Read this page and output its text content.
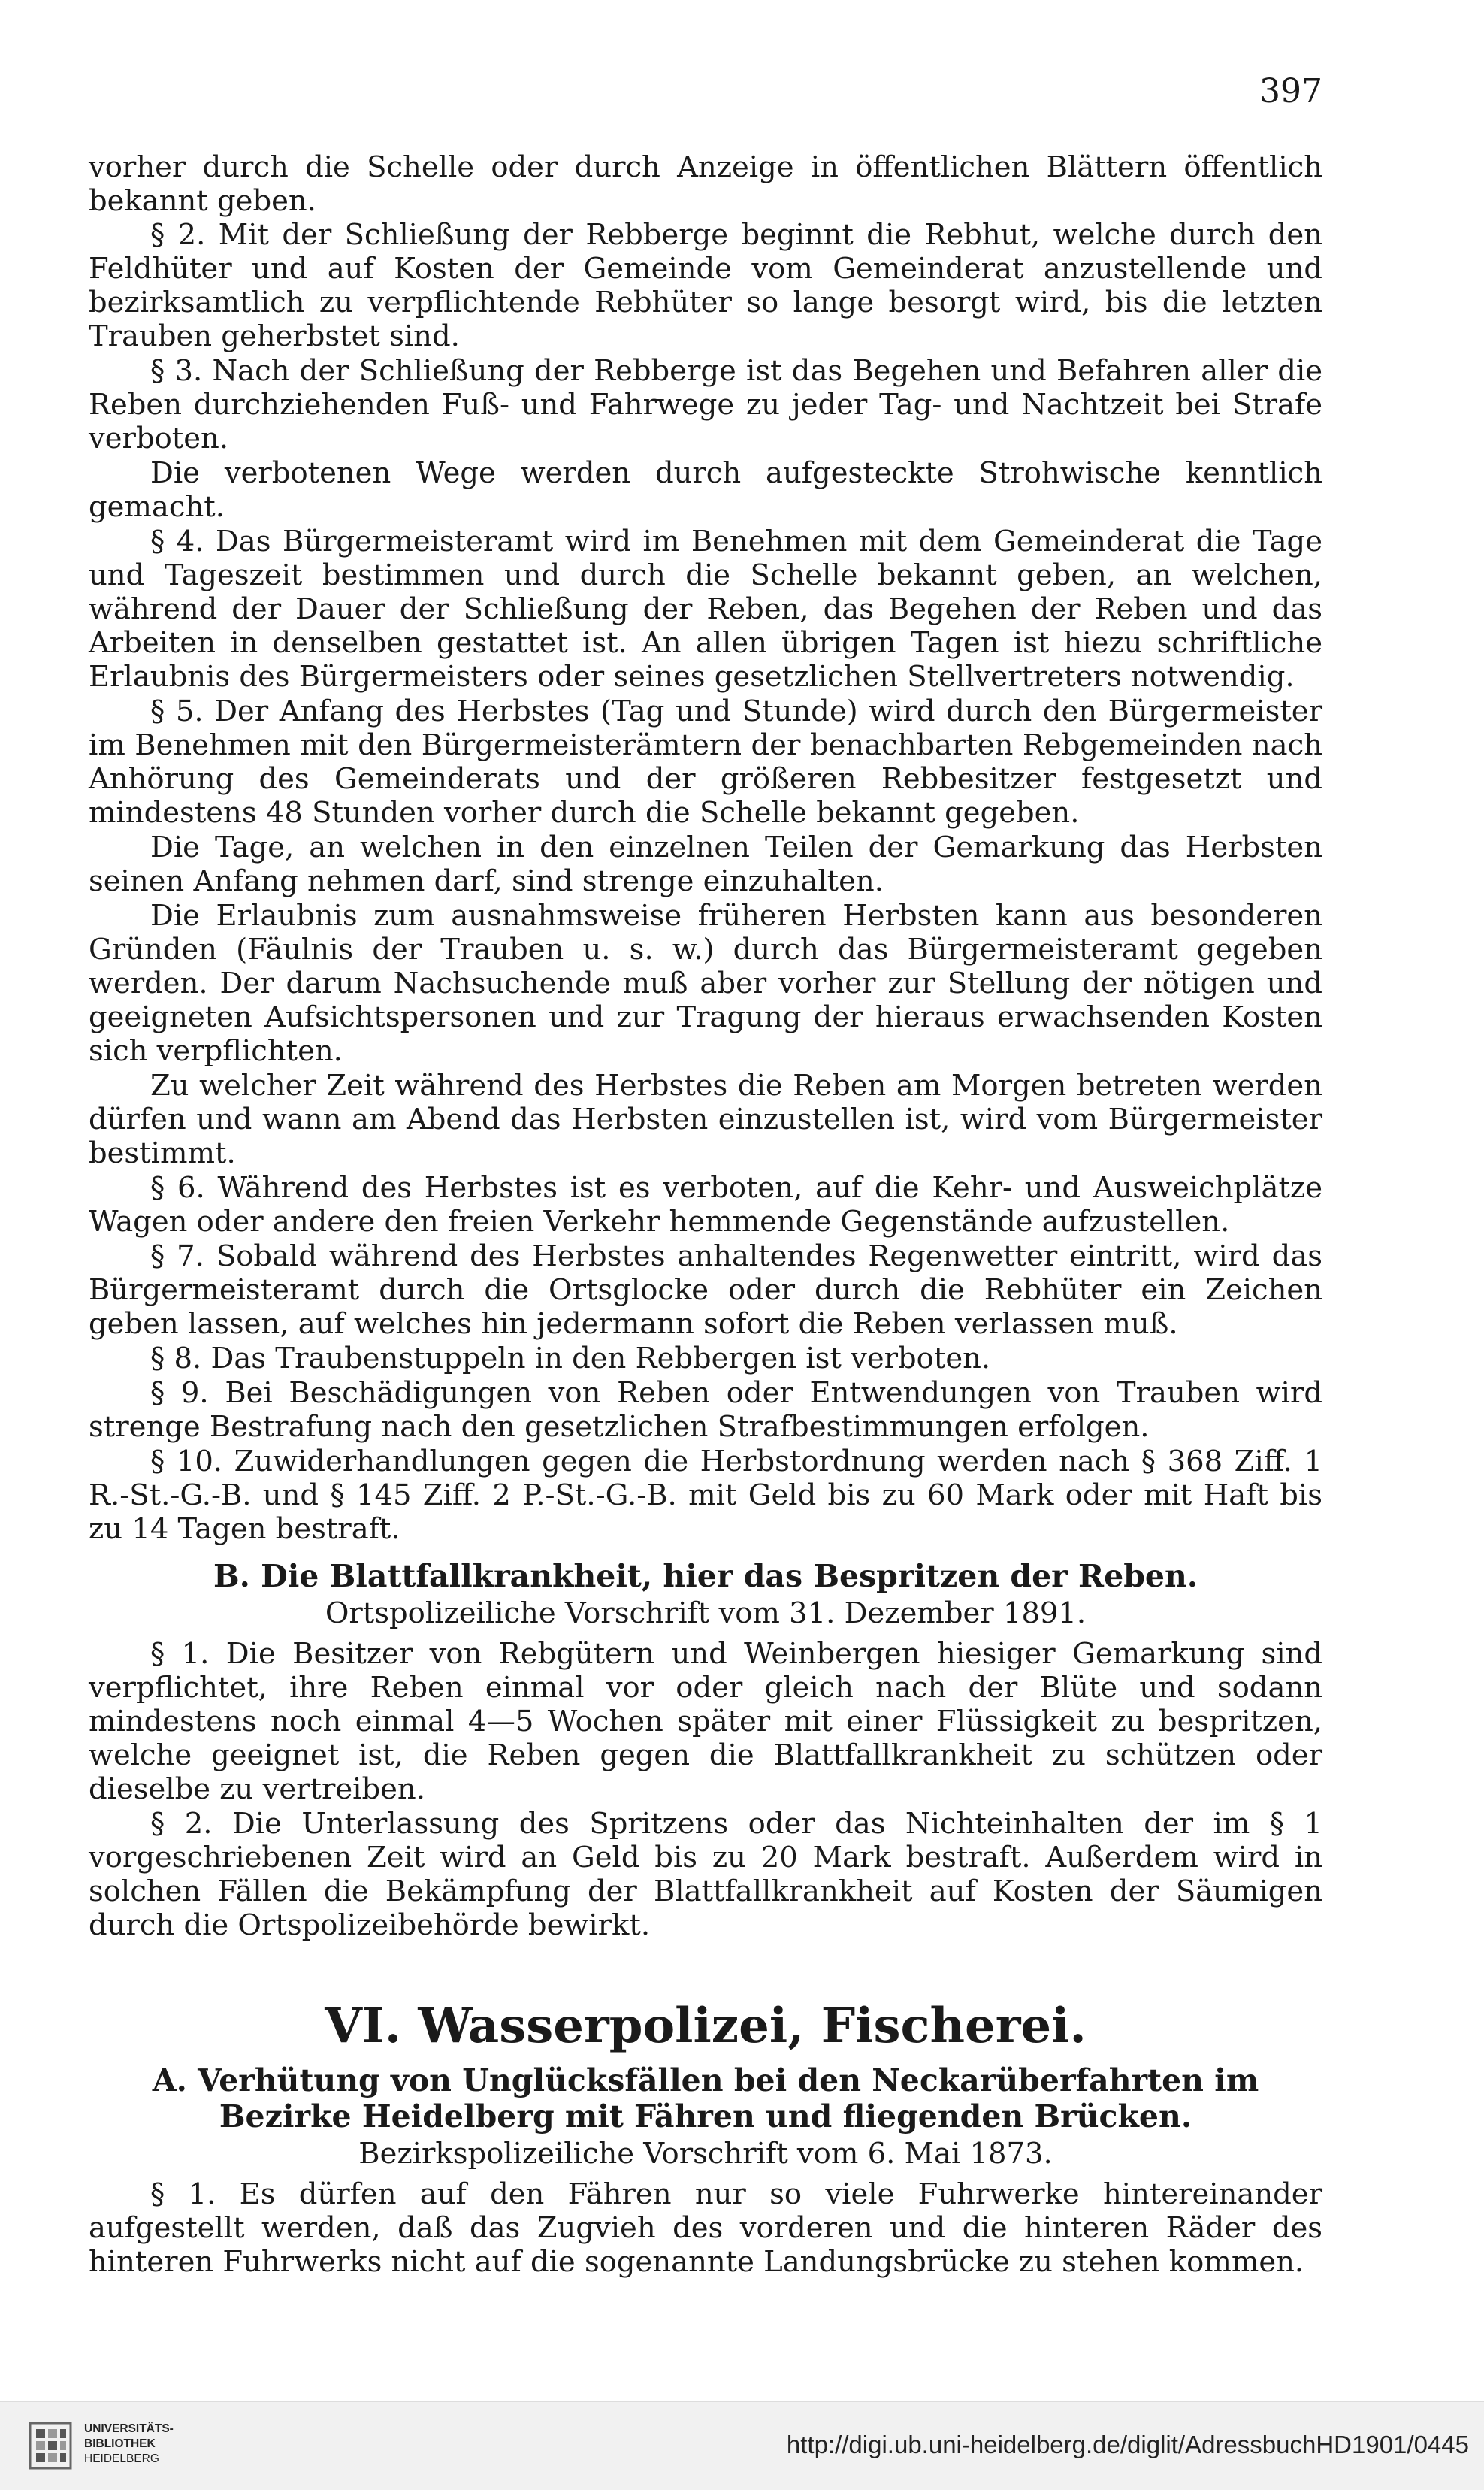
397

vorher durch die Schelle oder durch Anzeige in öffentlichen Blättern öffentlich bekannt geben.

§ 2. Mit der Schließung der Rebberge beginnt die Rebhut, welche durch den Feldhüter und auf Kosten der Gemeinde vom Gemeinderat anzustellende und bezirksamtlich zu verpflichtende Rebhüter so lange besorgt wird, bis die letzten Trauben geherbstet sind.

§ 3. Nach der Schließung der Rebberge ist das Begehen und Befahren aller die Reben durchziehenden Fuß- und Fahrwege zu jeder Tag- und Nachtzeit bei Strafe verboten.

Die verbotenen Wege werden durch aufgesteckte Strohwische kenntlich gemacht.

§ 4. Das Bürgermeisteramt wird im Benehmen mit dem Gemeinderat die Tage und Tageszeit bestimmen und durch die Schelle bekannt geben, an welchen, während der Dauer der Schließung der Reben, das Begehen der Reben und das Arbeiten in denselben gestattet ist. An allen übrigen Tagen ist hiezu schriftliche Erlaubnis des Bürgermeisters oder seines gesetzlichen Stellvertreters notwendig.

§ 5. Der Anfang des Herbstes (Tag und Stunde) wird durch den Bürgermeister im Benehmen mit den Bürgermeisterämtern der benachbarten Rebgemeinden nach Anhörung des Gemeinderats und der größeren Rebbesitzer festgesetzt und mindestens 48 Stunden vorher durch die Schelle bekannt gegeben.

Die Tage, an welchen in den einzelnen Teilen der Gemarkung das Herbsten seinen Anfang nehmen darf, sind strenge einzuhalten.

Die Erlaubnis zum ausnahmsweise früheren Herbsten kann aus besonderen Gründen (Fäulnis der Trauben u. s. w.) durch das Bürgermeisteramt gegeben werden. Der darum Nachsuchende muß aber vorher zur Stellung der nötigen und geeigneten Aufsichtspersonen und zur Tragung der hieraus erwachsenden Kosten sich verpflichten.

Zu welcher Zeit während des Herbstes die Reben am Morgen betreten werden dürfen und wann am Abend das Herbsten einzustellen ist, wird vom Bürgermeister bestimmt.

§ 6. Während des Herbstes ist es verboten, auf die Kehr- und Ausweichplätze Wagen oder andere den freien Verkehr hemmende Gegenstände aufzustellen.

§ 7. Sobald während des Herbstes anhaltendes Regenwetter eintritt, wird das Bürgermeisteramt durch die Ortsglocke oder durch die Rebhüter ein Zeichen geben lassen, auf welches hin jedermann sofort die Reben verlassen muß.

§ 8. Das Traubenstuppeln in den Rebbergen ist verboten.

§ 9. Bei Beschädigungen von Reben oder Entwendungen von Trauben wird strenge Bestrafung nach den gesetzlichen Strafbestimmungen erfolgen.

§ 10. Zuwiderhandlungen gegen die Herbstordnung werden nach § 368 Ziff. 1 R.-St.-G.-B. und § 145 Ziff. 2 P.-St.-G.-B. mit Geld bis zu 60 Mark oder mit Haft bis zu 14 Tagen bestraft.

B. Die Blattfallkrankheit, hier das Bespritzen der Reben.
Ortspolizeiliche Vorschrift vom 31. Dezember 1891.

§ 1. Die Besitzer von Rebgütern und Weinbergen hiesiger Gemarkung sind verpflichtet, ihre Reben einmal vor oder gleich nach der Blüte und sodann mindestens noch einmal 4—5 Wochen später mit einer Flüssigkeit zu bespritzen, welche geeignet ist, die Reben gegen die Blattfallkrankheit zu schützen oder dieselbe zu vertreiben.

§ 2. Die Unterlassung des Spritzens oder das Nichteinhalten der im § 1 vorgeschriebenen Zeit wird an Geld bis zu 20 Mark bestraft. Außerdem wird in solchen Fällen die Bekämpfung der Blattfallkrankheit auf Kosten der Säumigen durch die Ortspolizeibehörde bewirkt.

VI. Wasserpolizei, Fischerei.
A. Verhütung von Unglücksfällen bei den Neckarüberfahrten im Bezirke Heidelberg mit Fähren und fliegenden Brücken.
Bezirkspolizeiliche Vorschrift vom 6. Mai 1873.

§ 1. Es dürfen auf den Fähren nur so viele Fuhrwerke hintereinander aufgestellt werden, daß das Zugvieh des vorderen und die hinteren Räder des hinteren Fuhrwerks nicht auf die sogenannte Landungsbrücke zu stehen kommen.

UNIVERSITÄTS-
BIBLIOTHEK
HEIDELBERG
http://digi.ub.uni-heidelberg.de/diglit/AdressbuchHD1901/0445
